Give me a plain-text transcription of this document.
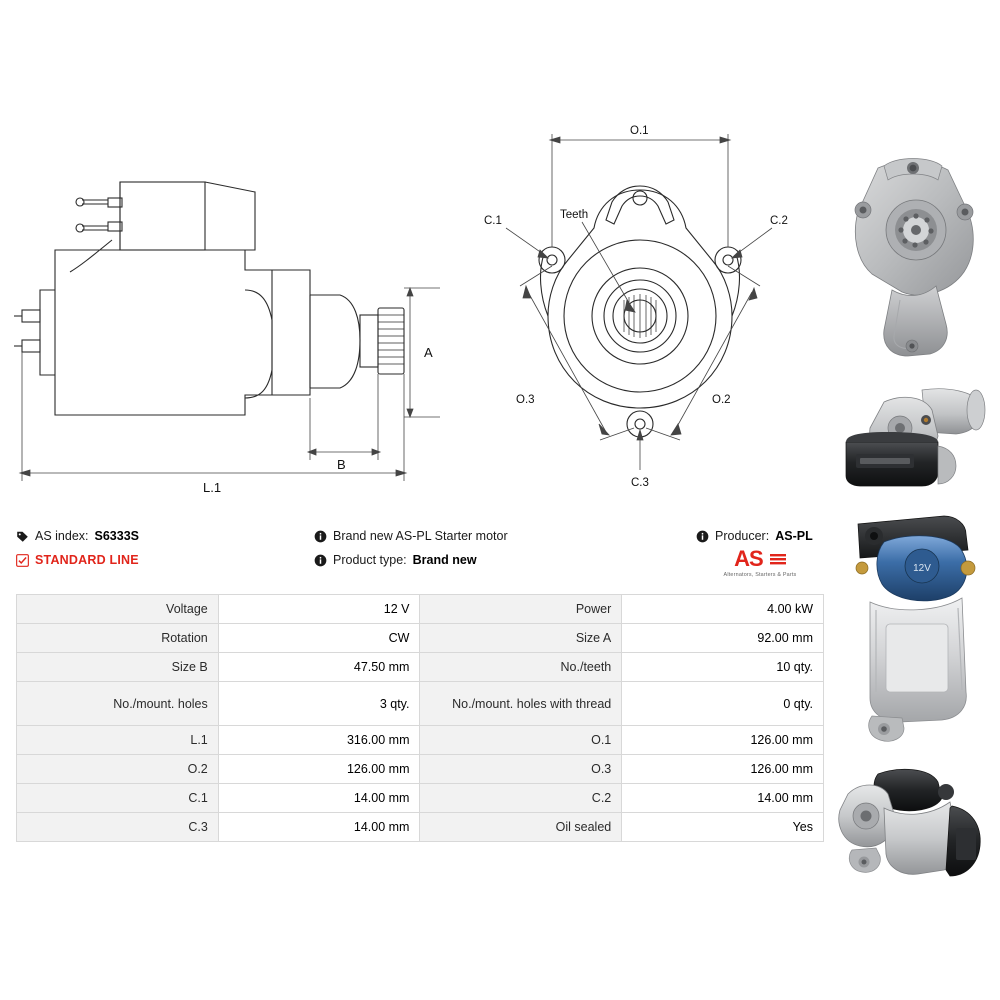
A
B
L.1
O.1
O.2
O.3
C.1	C.2
C.3
Teeth
AS index: S6333S
STANDARD LINE
Brand new AS-PL Starter motor
Product type: Brand new
Producer: AS-PL
AS
Alternators, Starters & Parts
Voltage	12 V	Power	4.00 kW
Rotation	CW	Size A	92.00 mm
Size B	47.50 mm	No./teeth	10 qty.
No./mount. holes	3 qty.	No./mount. holes with thread	0 qty.
L.1	316.00 mm	O.1	126.00 mm
O.2	126.00 mm	O.3	126.00 mm
C.1	14.00 mm	C.2	14.00 mm
C.3	14.00 mm	Oil sealed	Yes
12V
